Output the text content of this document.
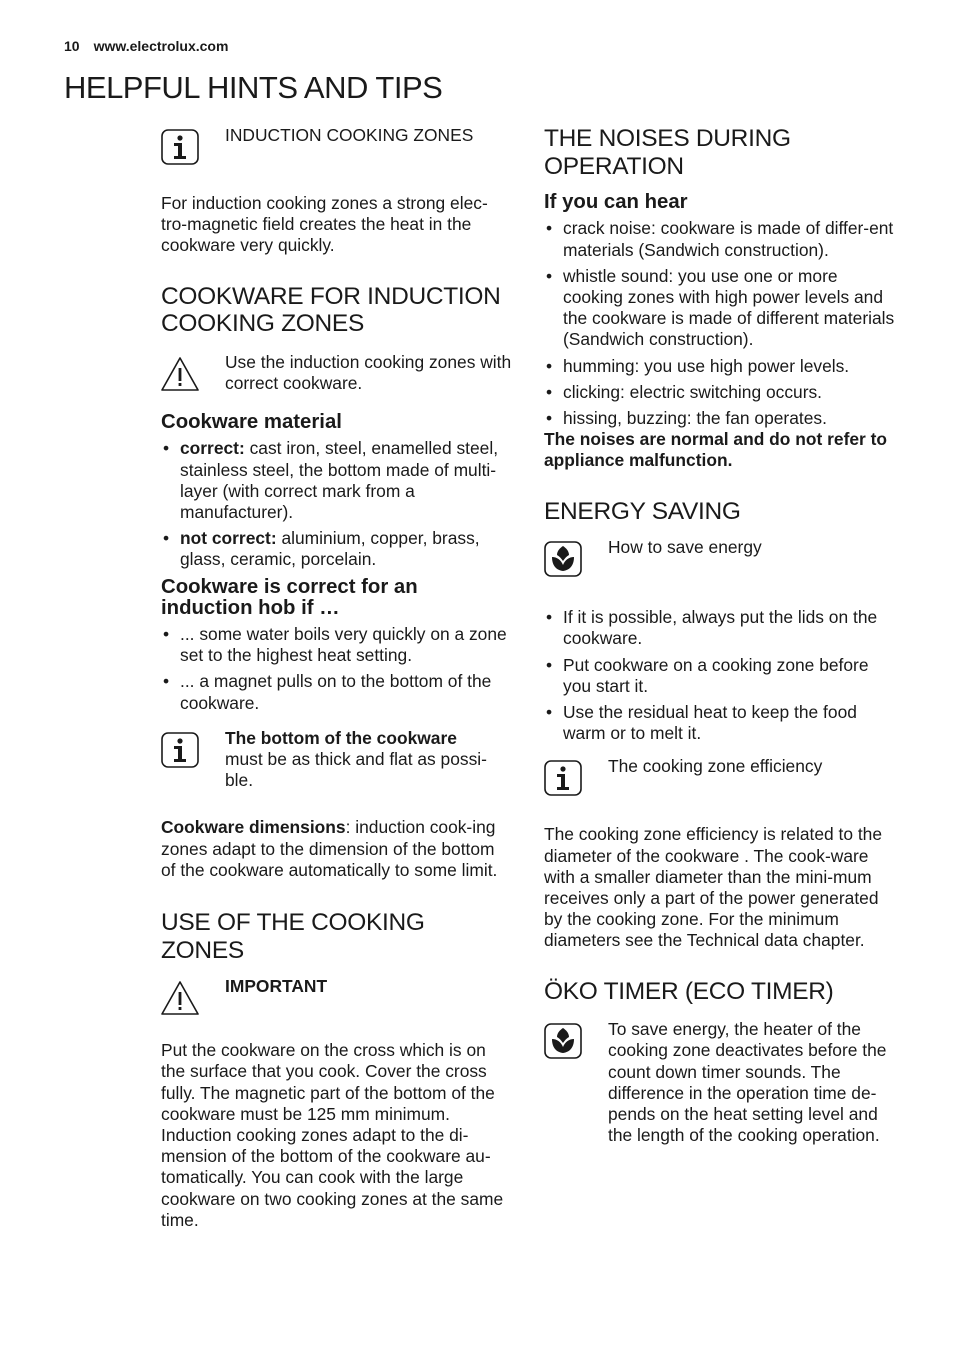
10 www.electrolux.com
HELPFUL HINTS AND TIPS
INDUCTION COOKING ZONES

For induction cooking zones a strong elec-tro-magnetic field creates the heat in the cookware very quickly.

COOKWARE FOR INDUCTION COOKING ZONES
Use the induction cooking zones with correct cookware.
Cookware material
• correct: cast iron, steel, enamelled steel, stainless steel, the bottom made of multi-layer (with correct mark from a manufacturer).
• not correct: aluminium, copper, brass, glass, ceramic, porcelain.
Cookware is correct for an induction hob if …
• ... some water boils very quickly on a zone set to the highest heat setting.
• ... a magnet pulls on to the bottom of the cookware.
The bottom of the cookware
must be as thick and flat as possi-ble.

Cookware dimensions: induction cook-ing zones adapt to the dimension of the bottom of the cookware automatically to some limit.

USE OF THE COOKING ZONES
IMPORTANT

Put the cookware on the cross which is on the surface that you cook. Cover the cross fully. The magnetic part of the bottom of the cookware must be 125 mm minimum. Induction cooking zones adapt to the di-mension of the bottom of the cookware au-tomatically. You can cook with the large cookware on two cooking zones at the same time.

THE NOISES DURING OPERATION
If you can hear
• crack noise: cookware is made of differ-ent materials (Sandwich construction).
• whistle sound: you use one or more cooking zones with high power levels and the cookware is made of different materials (Sandwich construction).
• humming: you use high power levels.
• clicking: electric switching occurs.
• hissing, buzzing: the fan operates.

The noises are normal and do not refer to appliance malfunction.

ENERGY SAVING
How to save energy
• If it is possible, always put the lids on the cookware.
• Put cookware on a cooking zone before you start it.
• Use the residual heat to keep the food warm or to melt it.
The cooking zone efficiency

The cooking zone efficiency is related to the diameter of the cookware . The cook-ware with a smaller diameter than the mini-mum receives only a part of the power generated by the cooking zone. For the minimum diameters see the Technical data chapter.

ÖKO TIMER (ECO TIMER)
To save energy, the heater of the cooking zone deactivates before the count down timer sounds. The difference in the operation time de-pends on the heat setting level and the length of the cooking operation.
